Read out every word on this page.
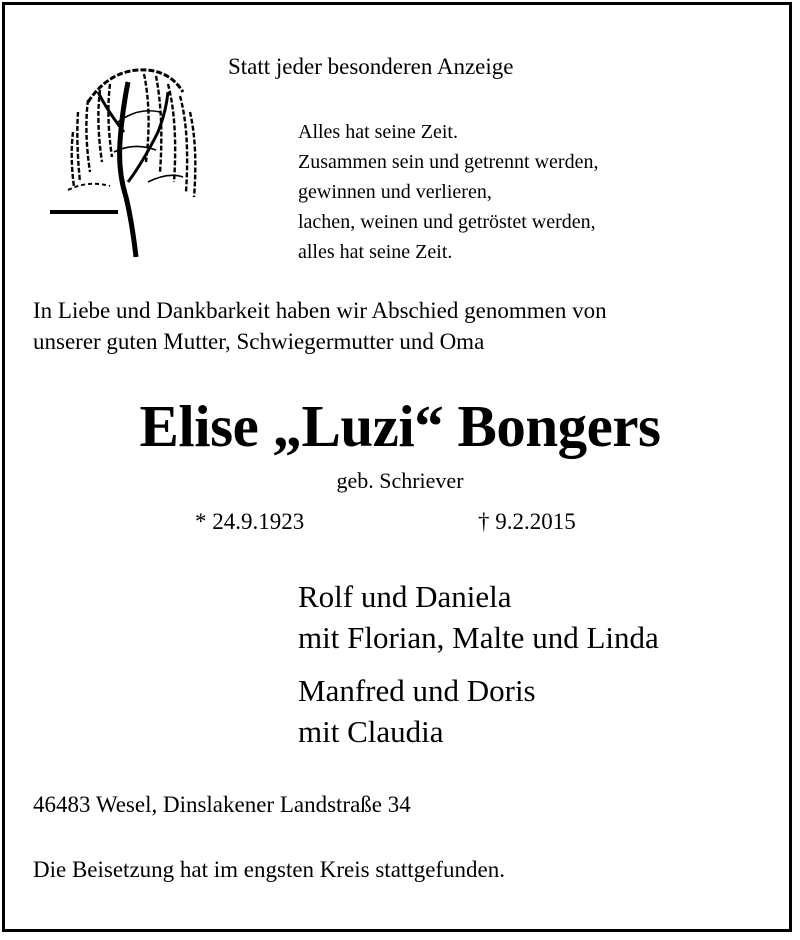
Statt jeder besonderen Anzeige
Alles hat seine Zeit.
Zusammen sein und getrennt werden,
gewinnen und verlieren,
lachen, weinen und getröstet werden,
alles hat seine Zeit.
In Liebe und Dankbarkeit haben wir Abschied genommen von
unserer guten Mutter, Schwiegermutter und Oma
Elise „Luzi“ Bongers
geb. Schriever
* 24.9.1923	† 9.2.2015
Rolf und Daniela
mit Florian, Malte und Linda
Manfred und Doris
mit Claudia
46483 Wesel, Dinslakener Landstraße 34
Die Beisetzung hat im engsten Kreis stattgefunden.
